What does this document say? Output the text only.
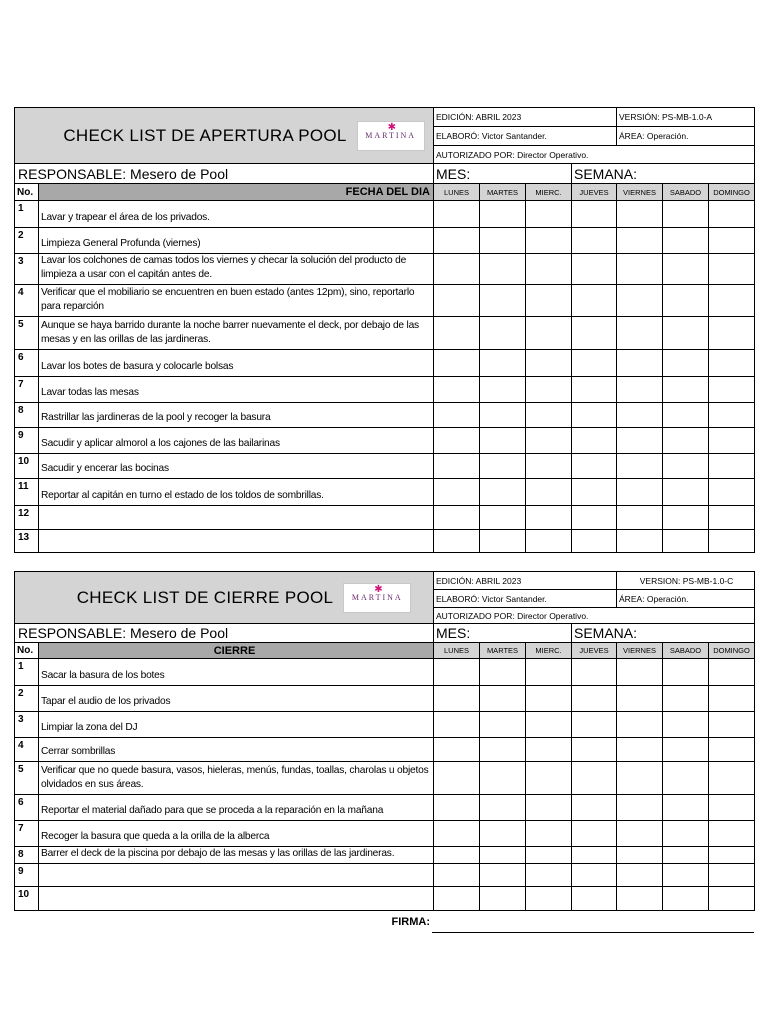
CHECK LIST DE APERTURA POOL ✱
MARTINA		EDICIÓN: ABRIL 2023				VERSIÓN: PS-MB-1.0-A		
		ELABORÓ: Victor Santander.				ÁREA: Operación.		
		AUTORIZADO POR: Director Operativo.						
RESPONSABLE: Mesero de Pool		MES:			SEMANA:			
No.	FECHA DEL DIA	LUNES	MARTES	MIERC.	JUEVES	VIERNES	SABADO	DOMINGO
1	Lavar y trapear el área de los privados.							
2	Limpieza General Profunda (viernes)							
3	Lavar los colchones de camas todos los viernes y checar la solución del producto de limpieza a usar con el capitán antes de.							
4	Verificar que el mobiliario se encuentren en buen estado (antes 12pm), sino, reportarlo para reparción							
5	Aunque se haya barrido durante la noche barrer nuevamente el deck, por debajo de las mesas y en las orillas de las jardineras.							
6	Lavar los botes de basura y colocarle bolsas							
7	Lavar todas las mesas							
8	Rastrillar las jardineras de la pool y recoger la basura							
9	Sacudir y aplicar almorol a los cajones de las bailarinas							
10	Sacudir y encerar las bocinas							
11	Reportar al capitán en turno el estado de los toldos de sombrillas.							
12								
13								
CHECK LIST DE CIERRE POOL ✱
MARTINA		EDICIÓN: ABRIL 2023				VERSION: PS-MB-1.0-C		
		ELABORÓ: Victor Santander.				ÁREA: Operación.		
		AUTORIZADO POR: Director Operativo.						
RESPONSABLE: Mesero de Pool		MES:			SEMANA:			
No.	CIERRE	LUNES	MARTES	MIERC.	JUEVES	VIERNES	SABADO	DOMINGO
1	Sacar la basura de los botes							
2	Tapar el audio de los privados							
3	Limpiar la zona del DJ							
4	Cerrar sombrillas							
5	Verificar que no quede basura, vasos, hieleras, menús, fundas, toallas, charolas u objetos olvidados en sus áreas.							
6	Reportar el material dañado para que se proceda a la reparación en la mañana							
7	Recoger la basura que queda a la orilla de la alberca							
8	Barrer el deck de la piscina por debajo de las mesas y las orillas de las jardineras.							
9								
10								
FIRMA:
